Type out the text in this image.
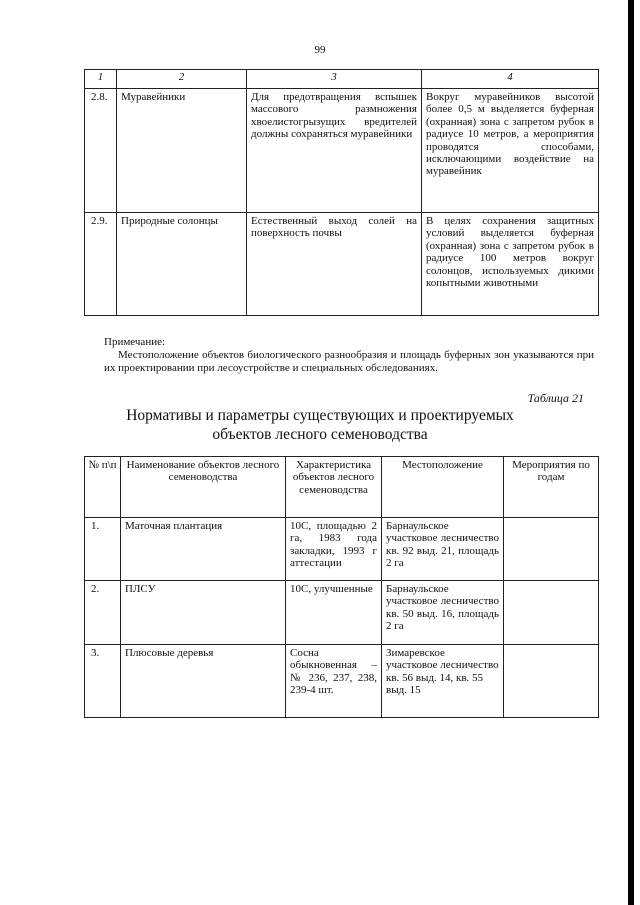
99
1	2	3	4
2.8.	Муравейники	Для предотвращения вспышек массового размножения хвоелистогрызущих вредителей должны сохраняться муравейники	Вокруг муравейников высотой более 0,5 м выделяется буферная (охранная) зона с запретом рубок в радиусе 10 метров, а мероприятия проводятся способами, исключающими воздействие на муравейник
2.9.	Природные солонцы	Естественный выход солей на поверхность почвы	В целях сохранения защитных условий выделяется буферная (охранная) зона с запретом рубок в радиусе 100 метров вокруг солонцов, используемых дикими копытными животными
Примечание:
Местоположение объектов биологического разнообразия и площадь буферных зон указываются при их проектировании при лесоустройстве и специальных обследованиях.
Таблица 21
Нормативы и параметры существующих и проектируемых объектов лесного семеноводства
№ п\п	Наименование объектов лесного семеноводства	Характеристика объектов лесного семеноводства	Местоположение	Мероприятия по годам
1.	Маточная плантация	10С, площадью 2 га, 1983 года закладки, 1993 г аттестации	Барнаульское участковое лесничество кв. 92 выд. 21, площадь 2 га	
2.	ПЛСУ	10С, улучшенные	Барнаульское участковое лесничество кв. 50 выд. 16, площадь 2 га	
3.	Плюсовые деревья	Сосна обыкновенная – № 236, 237, 238, 239-4 шт.	Зимаревское участковое лесничество кв. 56 выд. 14, кв. 55 выд. 15	
